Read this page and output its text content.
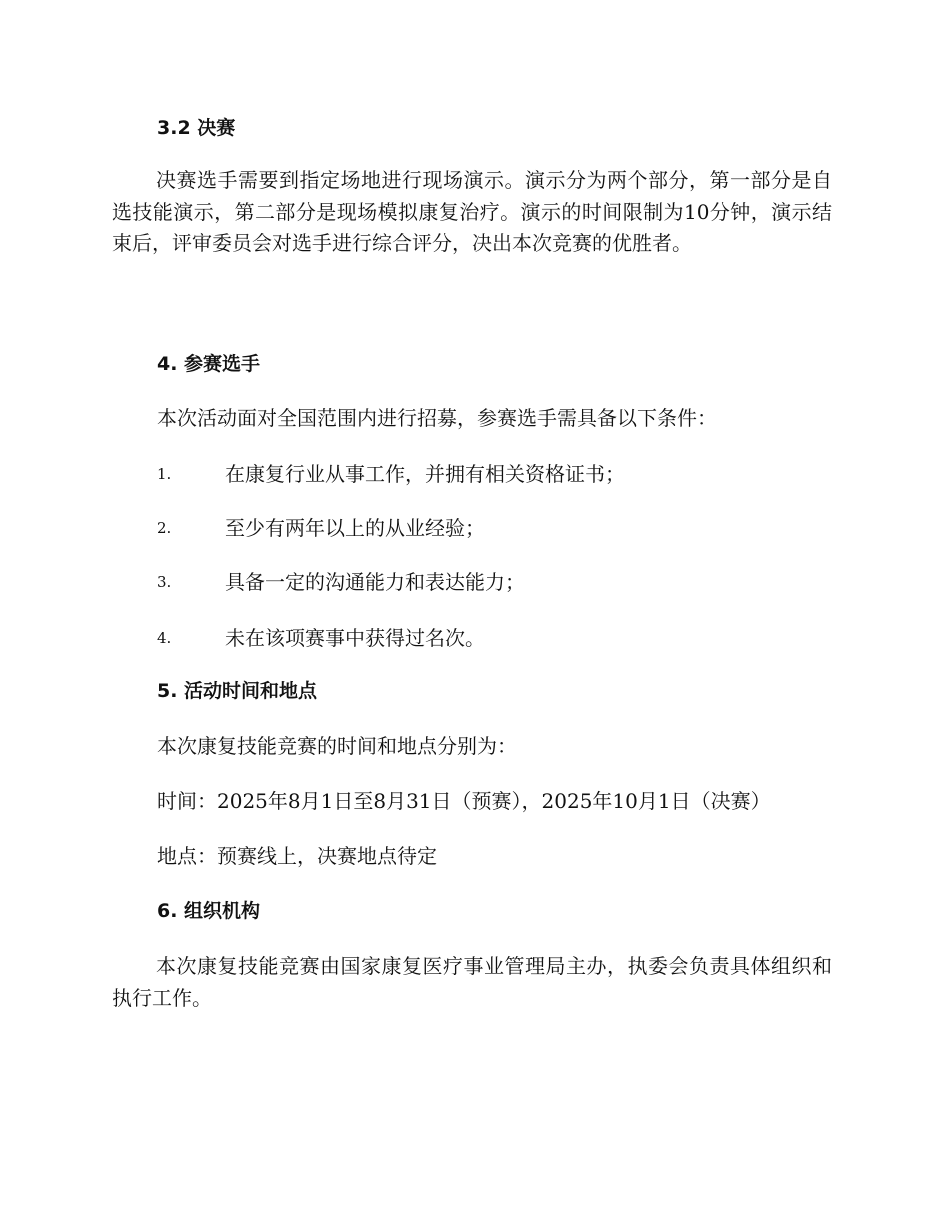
3.2 决赛

决赛选手需要到指定场地进行现场演示。演示分为两个部分，第一部分是自选技能演示，第二部分是现场模拟康复治疗。演示的时间限制为10分钟，演示结束后，评审委员会对选手进行综合评分，决出本次竞赛的优胜者。

4. 参赛选手

本次活动面对全国范围内进行招募，参赛选手需具备以下条件：

1.	在康复行业从事工作，并拥有相关资格证书；
2.	至少有两年以上的从业经验；
3.	具备一定的沟通能力和表达能力；
4.	未在该项赛事中获得过名次。
5. 活动时间和地点

本次康复技能竞赛的时间和地点分别为：

时间：2025年8月1日至8月31日（预赛），2025年10月1日（决赛）

地点：预赛线上，决赛地点待定

6. 组织机构

本次康复技能竞赛由国家康复医疗事业管理局主办，执委会负责具体组织和执行工作。
